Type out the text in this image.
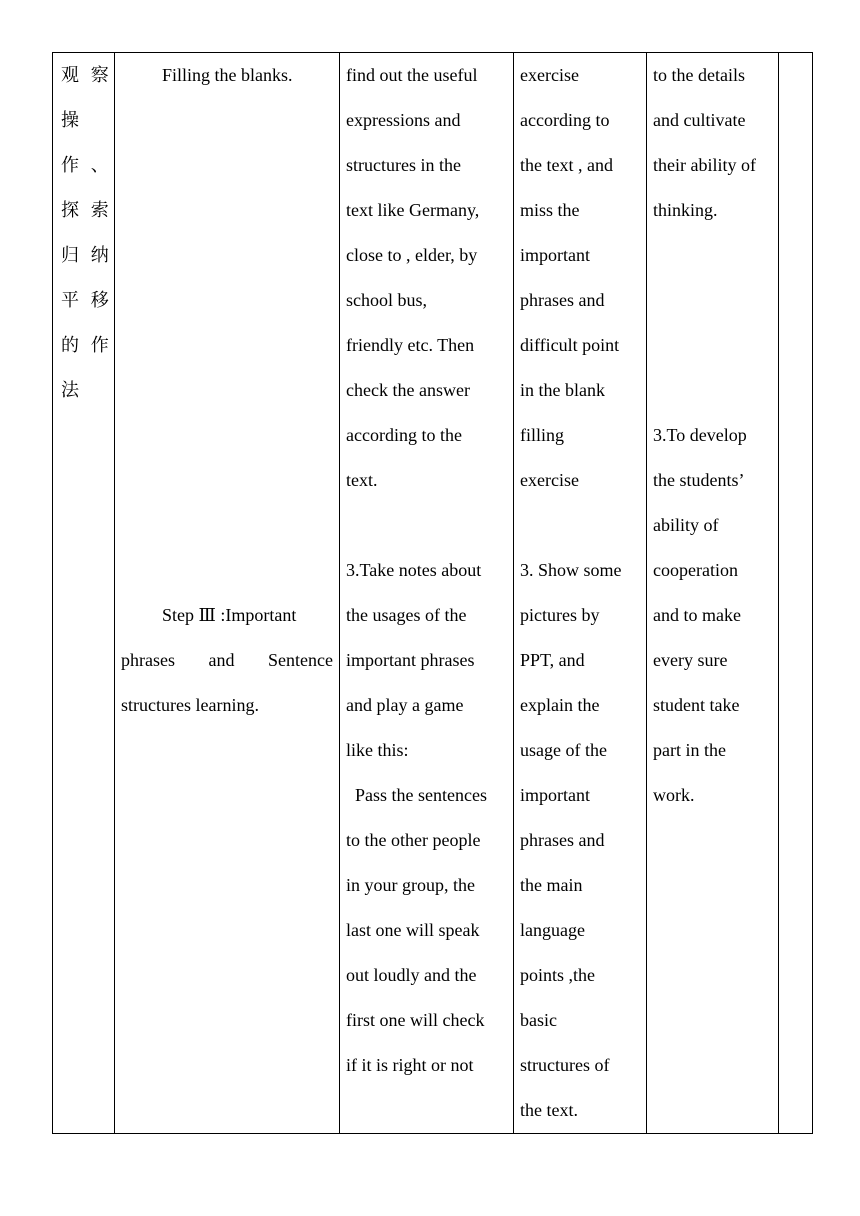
观 察
操
作 、
探 索
归 纳
平 移
的 作
法
Filling the blanks.
Step Ⅲ :Important
phrases and Sentence
structures learning.
find out the useful
expressions and
structures in the
text like Germany,
close to , elder, by
school bus,
friendly etc. Then
check the answer
according to the
text.
3.Take notes about
the usages of the
important phrases
and play a game
like this:
Pass the sentences
to the other people
in your group, the
last one will speak
out loudly and the
first one will check
if it is right or not
exercise
according to
the text , and
miss the
important
phrases and
difficult point
in the blank
filling
exercise
3. Show some
pictures by
PPT, and
explain the
usage of the
important
phrases and
the main
language
points ,the
basic
structures of
the text.
to the details
and cultivate
their ability of
thinking.
3.To develop
the students’
ability of
cooperation
and to make
every sure
student take
part in the
work.
